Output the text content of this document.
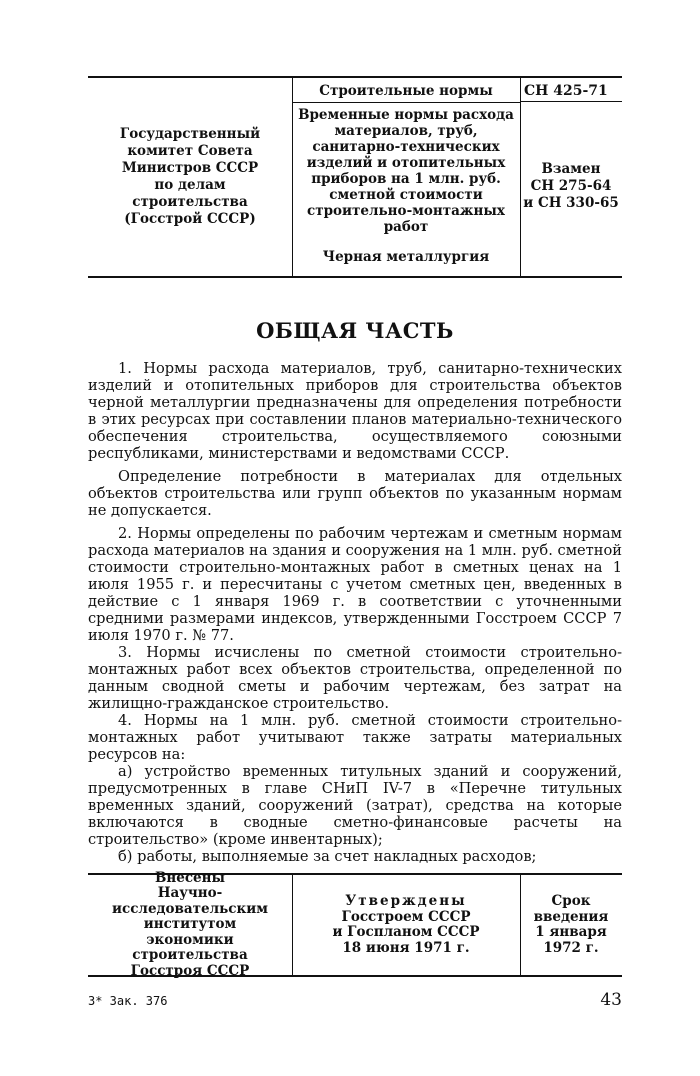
Государственный
комитет Совета
Министров СССР
по делам
строительства
(Госстрой СССР)
Строительные нормы
Временные нормы расхода
материалов, труб,
санитарно-технических
изделий и отопительных
приборов на 1 млн. руб.
сметной стоимости
строительно-монтажных
работ
Черная металлургия
СН 425-71
Взамен
СН 275-64
и СН 330-65
ОБЩАЯ ЧАСТЬ

1. Нормы расхода материалов, труб, санитарно-технических изделий и отопительных приборов для строительства объектов черной металлургии предназначены для определения потребности в этих ресурсах при составлении планов материально-технического обеспечения строительства, осуществляемого союзными республиками, министерствами и ведомствами СССР.

Определение потребности в материалах для отдельных объектов строительства или групп объектов по указанным нормам не допускается.

2. Нормы определены по рабочим чертежам и сметным нормам расхода материалов на здания и сооружения на 1 млн. руб. сметной стоимости строительно-монтажных работ в сметных ценах на 1 июля 1955 г. и пересчитаны с учетом сметных цен, введенных в действие с 1 января 1969 г. в соответствии с уточненными средними размерами индексов, утвержденными Госстроем СССР 7 июля 1970 г. № 77.

3. Нормы исчислены по сметной стоимости строительно-монтажных работ всех объектов строительства, определенной по данным сводной сметы и рабочим чертежам, без затрат на жилищно-гражданское строительство.

4. Нормы на 1 млн. руб. сметной стоимости строительно-монтажных работ учитывают также затраты материальных ресурсов на:

а) устройство временных титульных зданий и сооружений, предусмотренных в главе СНиП IV-7 в «Перечне титульных временных зданий, сооружений (затрат), средства на которые включаются в сводные сметно-финансовые расчеты на строительство» (кроме инвентарных);

б) работы, выполняемые за счет накладных расходов;

Внесены
Научно-
исследовательским
институтом
экономики строительства
Госстроя СССР
Утверждены
Госстроем СССР
и Госпланом СССР
18 июня 1971 г.
Срок
введения
1 января
1972 г.
3* Зак. 376	43
